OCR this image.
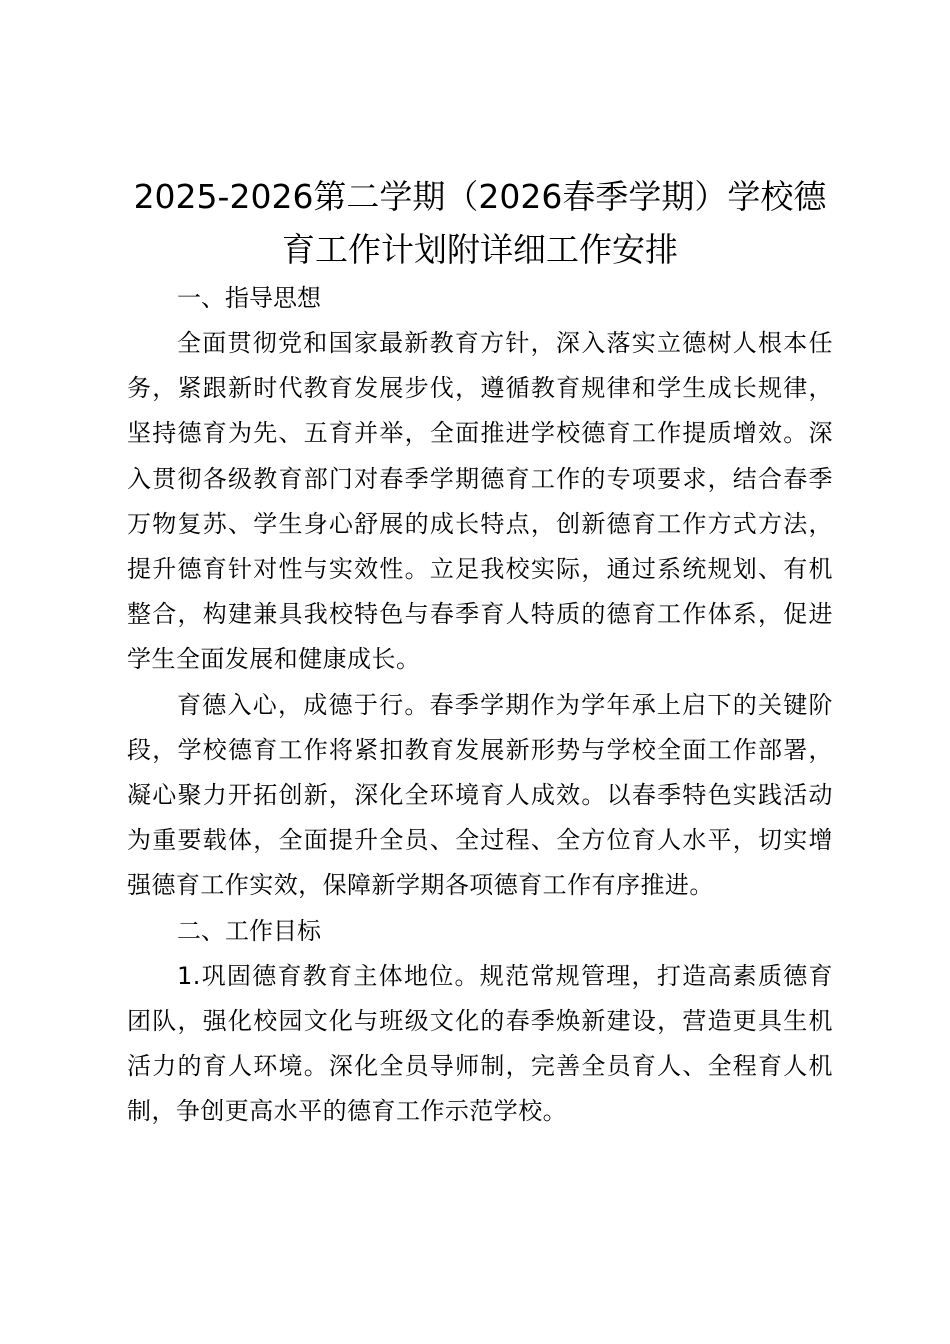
2025-2026第二学期（2026春季学期）学校德育工作计划附详细工作安排

一、指导思想

全面贯彻党和国家最新教育方针，深入落实立德树人根本任务，紧跟新时代教育发展步伐，遵循教育规律和学生成长规律，坚持德育为先、五育并举，全面推进学校德育工作提质增效。深入贯彻各级教育部门对春季学期德育工作的专项要求，结合春季万物复苏、学生身心舒展的成长特点，创新德育工作方式方法，提升德育针对性与实效性。立足我校实际，通过系统规划、有机整合，构建兼具我校特色与春季育人特质的德育工作体系，促进学生全面发展和健康成长。

育德入心，成德于行。春季学期作为学年承上启下的关键阶段，学校德育工作将紧扣教育发展新形势与学校全面工作部署，凝心聚力开拓创新，深化全环境育人成效。以春季特色实践活动为重要载体，全面提升全员、全过程、全方位育人水平，切实增强德育工作实效，保障新学期各项德育工作有序推进。

二、工作目标

1.巩固德育教育主体地位。规范常规管理，打造高素质德育团队，强化校园文化与班级文化的春季焕新建设，营造更具生机活力的育人环境。深化全员导师制，完善全员育人、全程育人机制，争创更高水平的德育工作示范学校。
